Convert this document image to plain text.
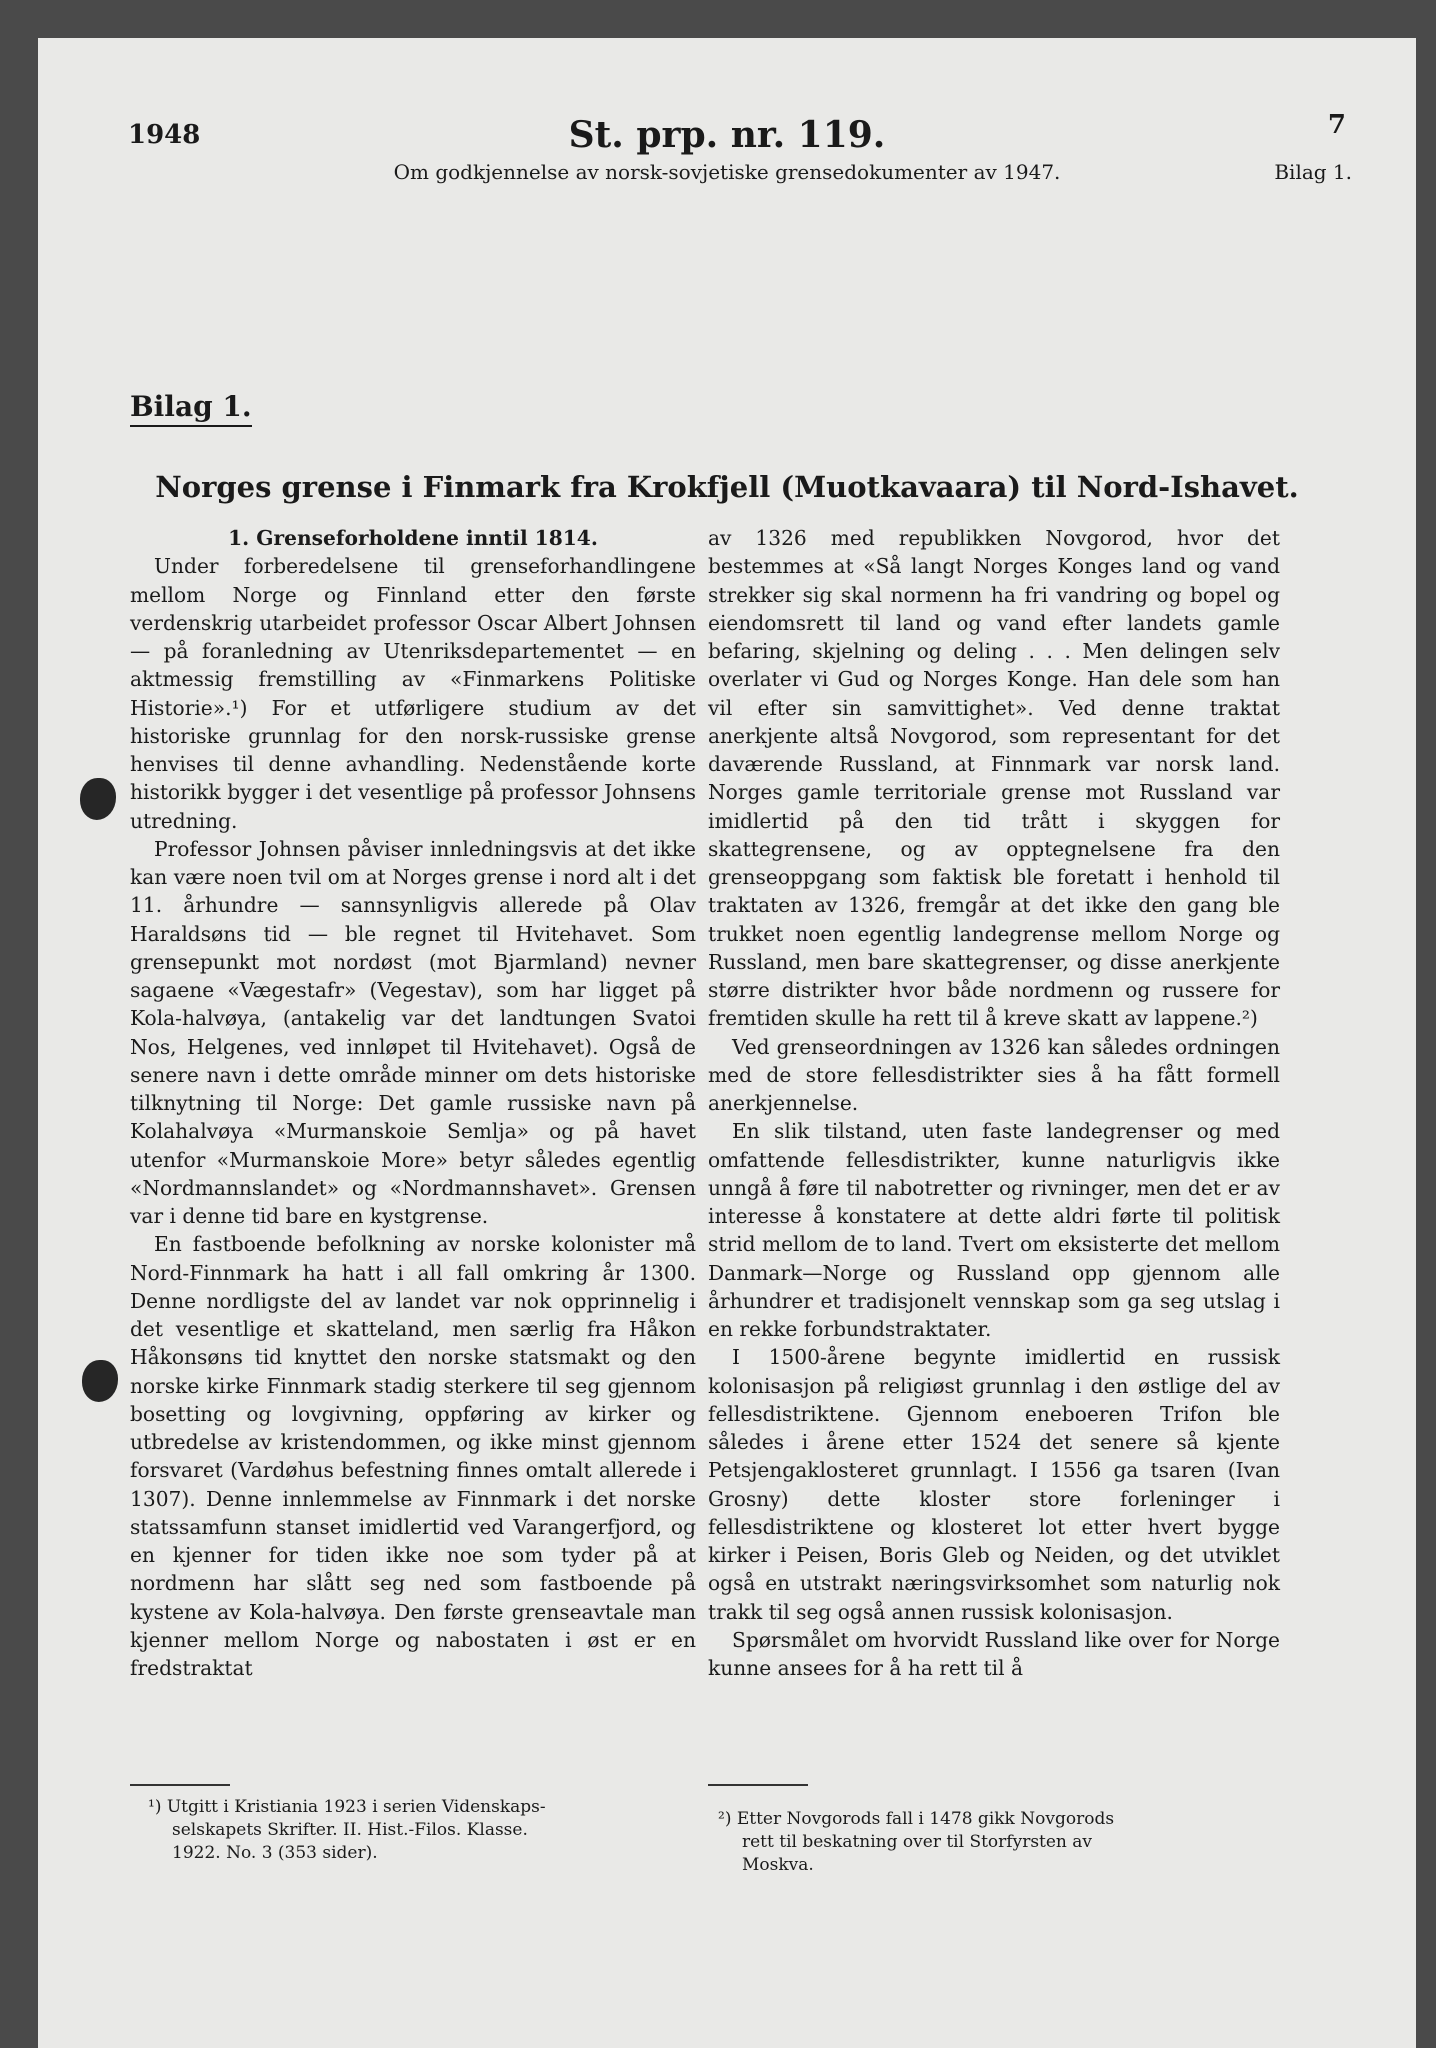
1948	St. prp. nr. 119.	7
Om godkjennelse av norsk-sovjetiske grensedokumenter av 1947.	Bilag 1.
Bilag 1.
Norges grense i Finmark fra Krokfjell (Muotkavaara) til Nord-Ishavet.

1. Grenseforholdene inntil 1814.

Under forberedelsene til grenseforhandlingene mellom Norge og Finnland etter den første verdenskrig utarbeidet professor Oscar Albert Johnsen — på foranledning av Utenriksdepartementet — en aktmessig fremstilling av «Finmarkens Politiske Historie».¹) For et utførligere studium av det historiske grunnlag for den norsk-russiske grense henvises til denne avhandling. Nedenstående korte historikk bygger i det vesentlige på professor Johnsens utredning.

Professor Johnsen påviser innledningsvis at det ikke kan være noen tvil om at Norges grense i nord alt i det 11. århundre — sannsynligvis allerede på Olav Haraldsøns tid — ble regnet til Hvitehavet. Som grensepunkt mot nordøst (mot Bjarmland) nevner sagaene «Vægestafr» (Vegestav), som har ligget på Kola-halvøya, (antakelig var det landtungen Svatoi Nos, Helgenes, ved innløpet til Hvitehavet). Også de senere navn i dette område minner om dets historiske tilknytning til Norge: Det gamle russiske navn på Kolahalvøya «Murmanskoie Semlja» og på havet utenfor «Murmanskoie More» betyr således egentlig «Nordmannslandet» og «Nordmannshavet». Grensen var i denne tid bare en kystgrense.

En fastboende befolkning av norske kolonister må Nord-Finnmark ha hatt i all fall omkring år 1300. Denne nordligste del av landet var nok opprinnelig i det vesentlige et skatteland, men særlig fra Håkon Håkonsøns tid knyttet den norske statsmakt og den norske kirke Finnmark stadig sterkere til seg gjennom bosetting og lovgivning, oppføring av kirker og utbredelse av kristendommen, og ikke minst gjennom forsvaret (Vardøhus befestning finnes omtalt allerede i 1307). Denne innlemmelse av Finnmark i det norske statssamfunn stanset imidlertid ved Varangerfjord, og en kjenner for tiden ikke noe som tyder på at nordmenn har slått seg ned som fastboende på kystene av Kola-halvøya. Den første grenseavtale man kjenner mellom Norge og nabostaten i øst er en fredstraktat

av 1326 med republikken Novgorod, hvor det bestemmes at «Så langt Norges Konges land og vand strekker sig skal normenn ha fri vandring og bopel og eiendomsrett til land og vand efter landets gamle befaring, skjelning og deling . . . Men delingen selv overlater vi Gud og Norges Konge. Han dele som han vil efter sin samvittighet». Ved denne traktat anerkjente altså Novgorod, som representant for det daværende Russland, at Finnmark var norsk land. Norges gamle territoriale grense mot Russland var imidlertid på den tid trått i skyggen for skattegrensene, og av opptegnelsene fra den grenseoppgang som faktisk ble foretatt i henhold til traktaten av 1326, fremgår at det ikke den gang ble trukket noen egentlig landegrense mellom Norge og Russland, men bare skattegrenser, og disse anerkjente større distrikter hvor både nordmenn og russere for fremtiden skulle ha rett til å kreve skatt av lappene.²)

Ved grenseordningen av 1326 kan således ordningen med de store fellesdistrikter sies å ha fått formell anerkjennelse.

En slik tilstand, uten faste landegrenser og med omfattende fellesdistrikter, kunne naturligvis ikke unngå å føre til nabotretter og rivninger, men det er av interesse å konstatere at dette aldri førte til politisk strid mellom de to land. Tvert om eksisterte det mellom Danmark—Norge og Russland opp gjennom alle århundrer et tradisjonelt vennskap som ga seg utslag i en rekke forbundstraktater.

I 1500-årene begynte imidlertid en russisk kolonisasjon på religiøst grunnlag i den østlige del av fellesdistriktene. Gjennom eneboeren Trifon ble således i årene etter 1524 det senere så kjente Petsjengaklosteret grunnlagt. I 1556 ga tsaren (Ivan Grosny) dette kloster store forleninger i fellesdistriktene og klosteret lot etter hvert bygge kirker i Peisen, Boris Gleb og Neiden, og det utviklet også en utstrakt næringsvirksomhet som naturlig nok trakk til seg også annen russisk kolonisasjon.

Spørsmålet om hvorvidt Russland like over for Norge kunne ansees for å ha rett til å

¹) Utgitt i Kristiania 1923 i serien Videnskaps-
selskapets Skrifter. II. Hist.-Filos. Klasse.
1922. No. 3 (353 sider).
²) Etter Novgorods fall i 1478 gikk Novgorods
rett til beskatning over til Storfyrsten av
Moskva.
